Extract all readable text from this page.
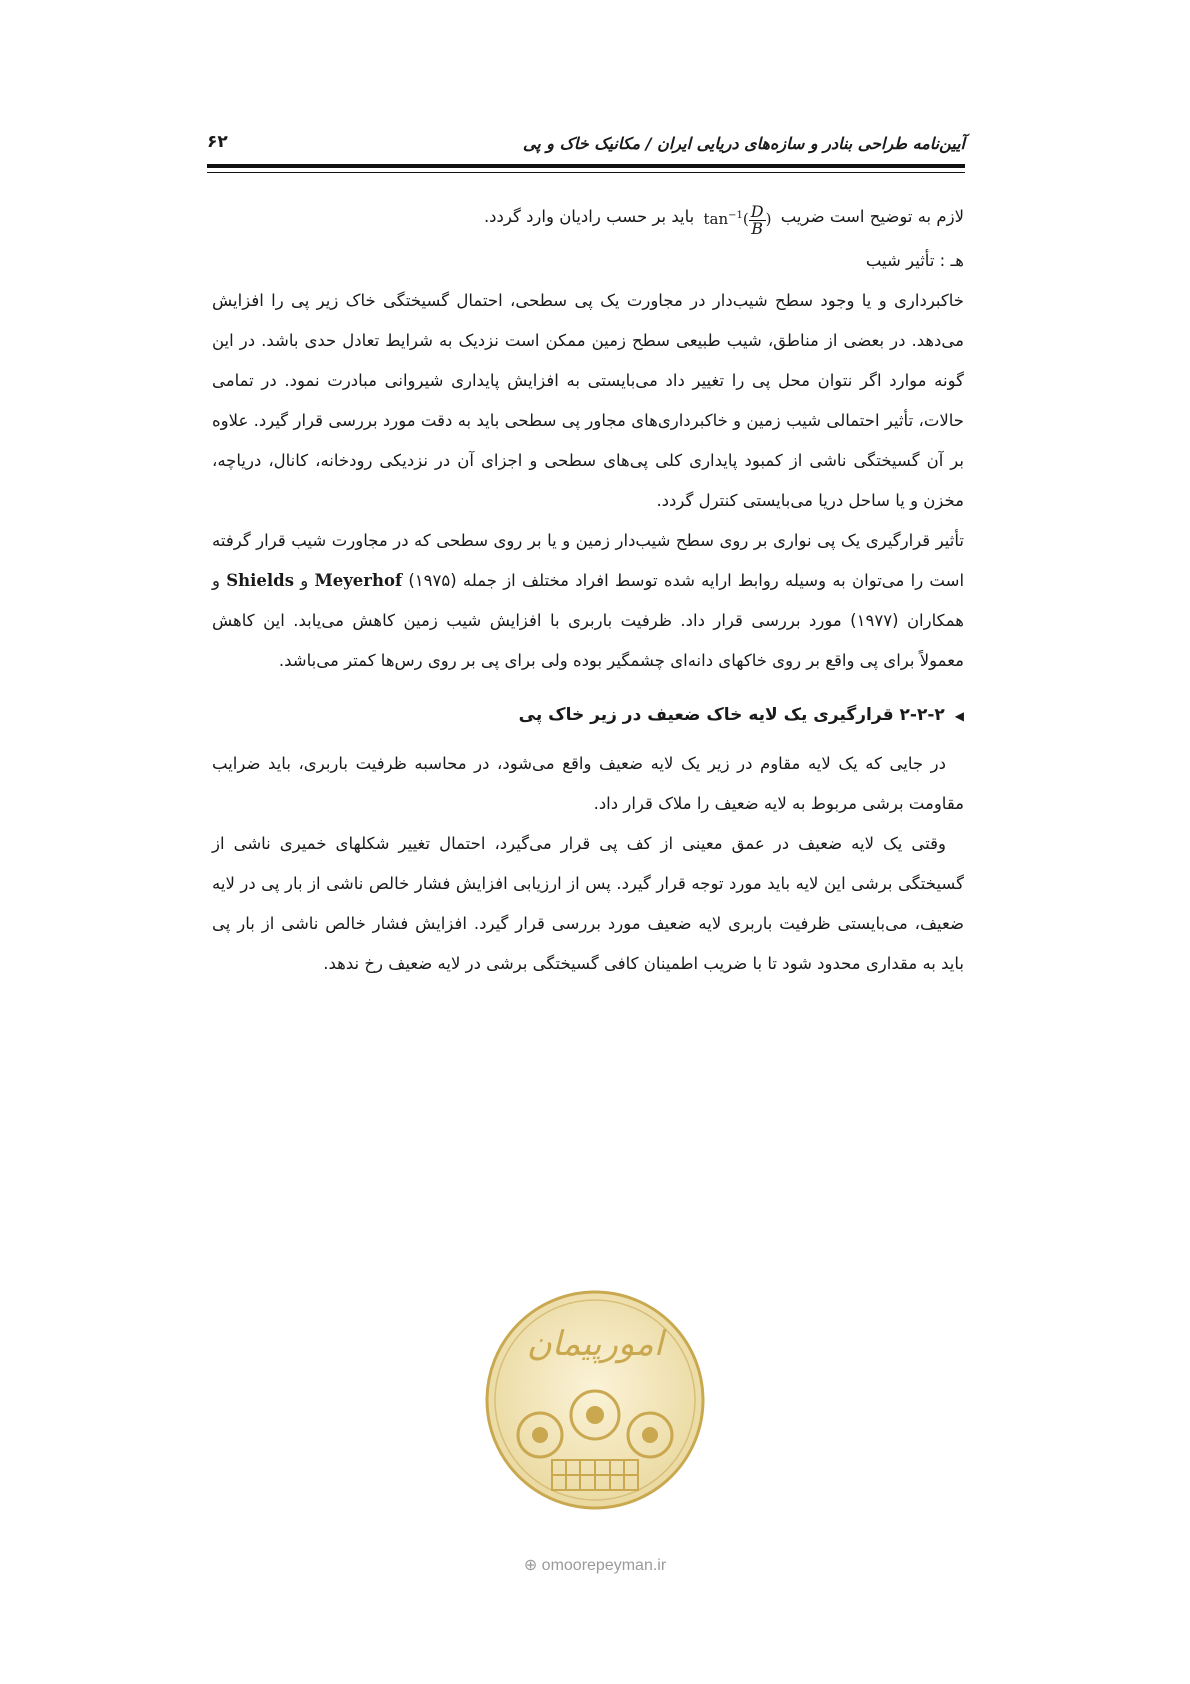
آیین‌نامه طراحی بنادر و سازه‌های دریایی ایران / مکانیک خاک و پی
۶۲

لازم به توضیح است ضریب $\tan^{-1}( \frac{D}{B}$ ) باید بر حسب رادیان وارد گردد.

هـ : تأثیر شیب

خاکبرداری و یا وجود سطح شیب‌دار در مجاورت یک پی سطحی، احتمال گسیختگی خاک زیر پی را افزایش می‌دهد. در بعضی از مناطق، شیب طبیعی سطح زمین ممکن است نزدیک به شرایط تعادل حدی باشد. در این گونه موارد اگر نتوان محل پی را تغییر داد می‌بایستی به افزایش پایداری شیروانی مبادرت نمود. در تمامی حالات، تأثیر احتمالی شیب زمین و خاکبرداری‌های مجاور پی سطحی باید به دقت مورد بررسی قرار گیرد. علاوه بر آن گسیختگی ناشی از کمبود پایداری کلی پی‌های سطحی و اجزای آن در نزدیکی رودخانه، کانال، دریاچه، مخزن و یا ساحل دریا می‌بایستی کنترل گردد.

تأثیر قرارگیری یک پی نواری بر روی سطح شیب‌دار زمین و یا بر روی سطحی که در مجاورت شیب قرار گرفته است را می‌توان به وسیله روابط ارایه شده توسط افراد مختلف از جمله Meyerhof (۱۹۷۵) و Shields و همکاران (۱۹۷۷) مورد بررسی قرار داد. ظرفیت باربری با افزایش شیب زمین کاهش می‌یابد. این کاهش معمولاً برای پی واقع بر روی خاکهای دانه‌ای چشمگیر بوده ولی برای پی بر روی رس‌ها کمتر می‌باشد.

◀۲-۲-۲ قرارگیری یک لایه خاک ضعیف در زیر خاک پی

در جایی که یک لایه مقاوم در زیر یک لایه ضعیف واقع می‌شود، در محاسبه ظرفیت باربری، باید ضرایب مقاومت برشی مربوط به لایه ضعیف را ملاک قرار داد.

وقتی یک لایه ضعیف در عمق معینی از کف پی قرار می‌گیرد، احتمال تغییر شکلهای خمیری ناشی از گسیختگی برشی این لایه باید مورد توجه قرار گیرد. پس از ارزیابی افزایش فشار خالص ناشی از بار پی در لایه ضعیف، می‌بایستی ظرفیت باربری لایه ضعیف مورد بررسی قرار گیرد. افزایش فشار خالص ناشی از بار پی باید به مقداری محدود شود تا با ضریب اطمینان کافی گسیختگی برشی در لایه ضعیف رخ ندهد.

امورپیمان
⊕ omoorepeyman.ir
